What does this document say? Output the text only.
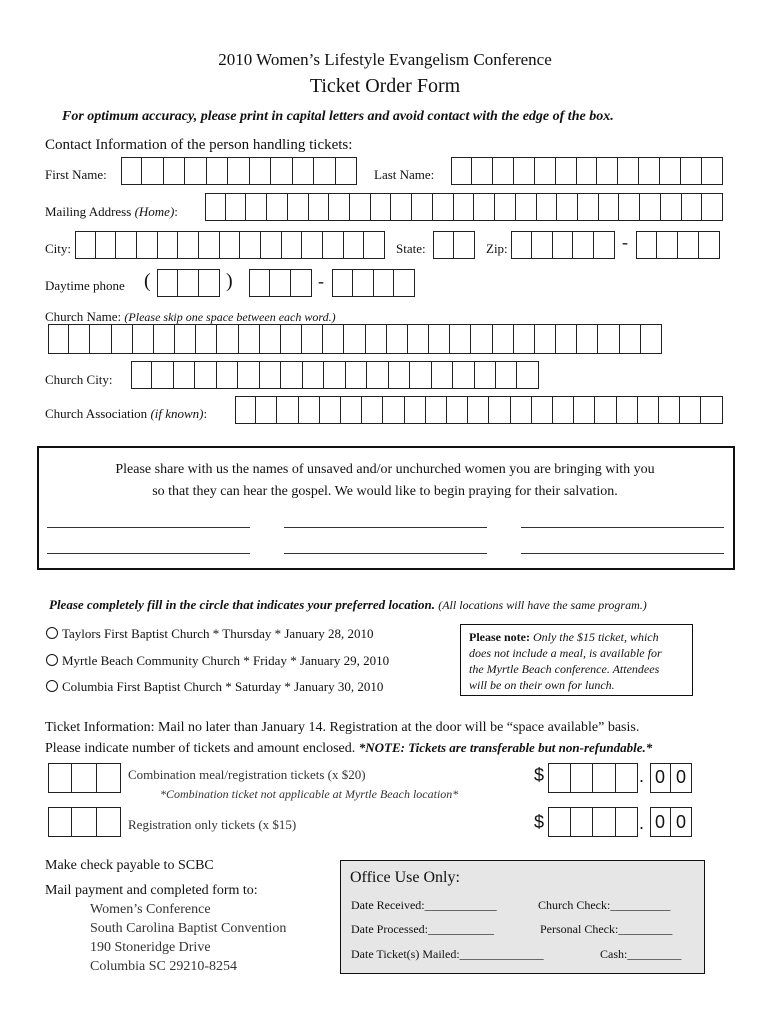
2010 Women’s Lifestyle Evangelism Conference
Ticket Order Form
For optimum accuracy, please print in capital letters and avoid contact with the edge of the box.
Contact Information of the person handling tickets:
First Name:	Last Name:
Mailing Address (Home):
City:	State:	Zip:	-
Daytime phone (	)	-
Church Name: (Please skip one space between each word.)
Church City:
Church Association (if known):
Please share with us the names of unsaved and/or unchurched women you are bringing with you
so that they can hear the gospel. We would like to begin praying for their salvation.
Please completely fill in the circle that indicates your preferred location. (All locations will have the same program.)
Taylors First Baptist Church * Thursday * January 28, 2010
Myrtle Beach Community Church * Friday * January 29, 2010
Columbia First Baptist Church * Saturday * January 30, 2010
Please note: Only the $15 ticket, which
does not include a meal, is available for
the Myrtle Beach conference. Attendees
will be on their own for lunch.
Ticket Information: Mail no later than January 14. Registration at the door will be “space available” basis.
Please indicate number of tickets and amount enclosed. *NOTE: Tickets are transferable but non-refundable.*
Combination meal/registration tickets (x $20)
*Combination ticket not applicable at Myrtle Beach location*
$	. 0 0
Registration only tickets (x $15)	$	. 0 0
Make check payable to SCBC
Mail payment and completed form to:
Women’s Conference
South Carolina Baptist Convention
190 Stoneridge Drive
Columbia SC 29210-8254
Office Use Only:
Date Received:____________	Church Check:__________
Date Processed:___________	Personal Check:_________
Date Ticket(s) Mailed:______________	Cash:_________
